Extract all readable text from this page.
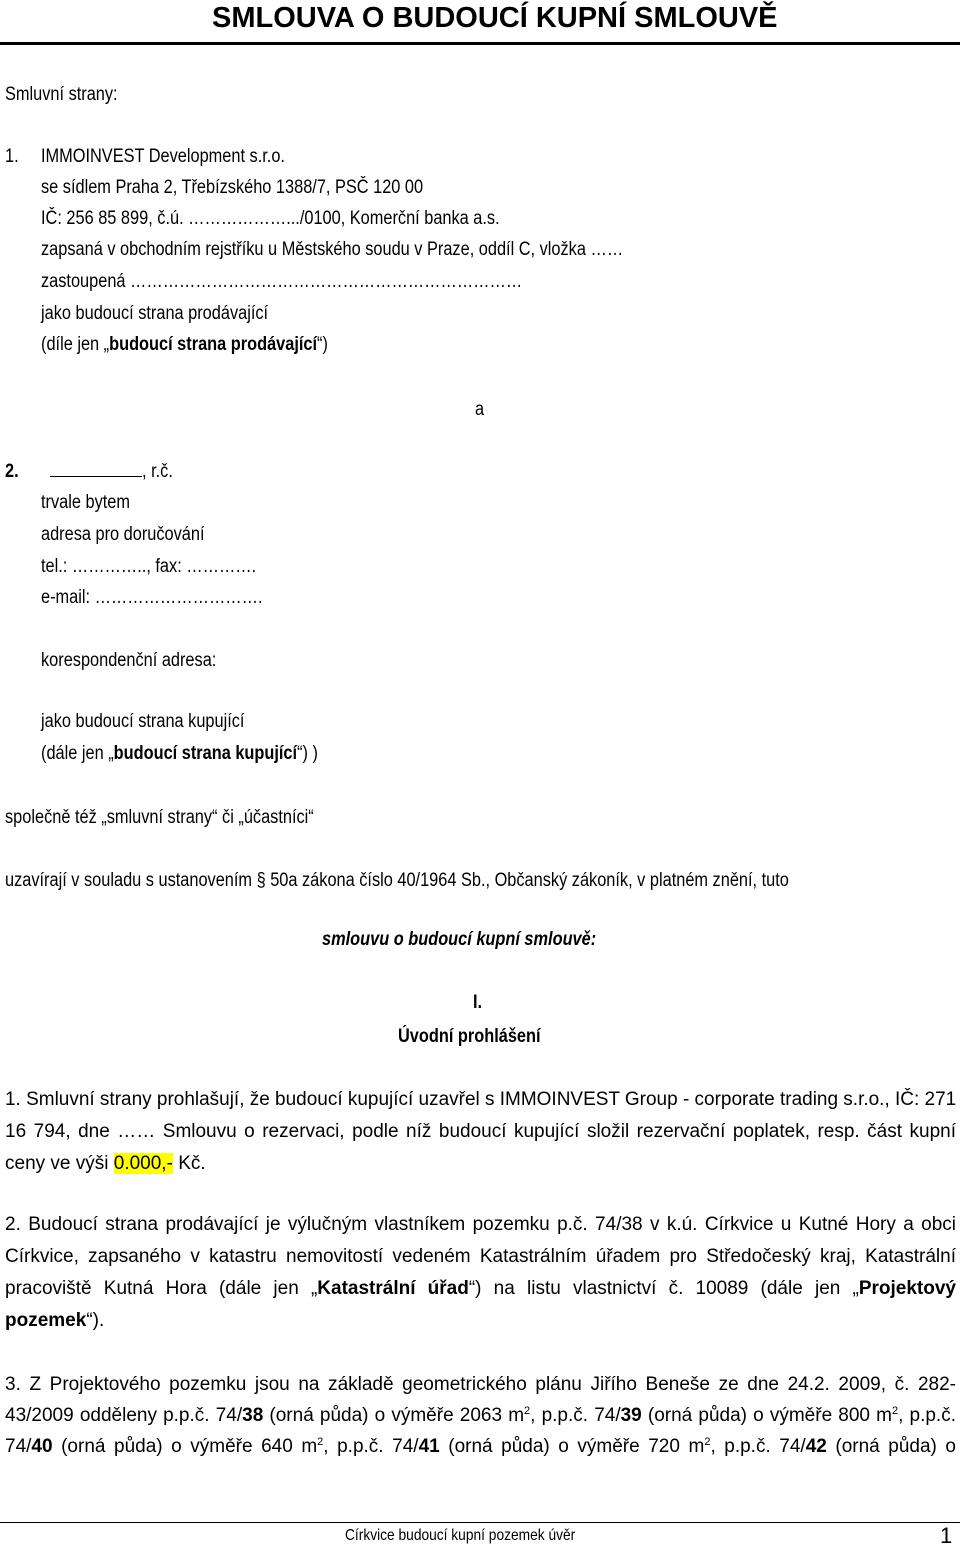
SMLOUVA O BUDOUCÍ KUPNÍ SMLOUVĚ
Smluvní strany:
1. IMMOINVEST Development s.r.o.
se sídlem Praha 2, Třebízského 1388/7, PSČ 120 00
IČ: 256 85 899, č.ú. ……………….../0100, Komerční banka a.s.
zapsaná v obchodním rejstříku u Městského soudu v Praze, oddíl C, vložka ……
zastoupená ………………………………………………………………
jako budoucí strana prodávající
(díle jen „budoucí strana prodávající“)
a
2.	, r.č.
trvale bytem
adresa pro doručování
tel.: ………….., fax: ………….
e-mail: ………………………….
korespondenční adresa:
jako budoucí strana kupující
(dále jen „budoucí strana kupující“) )
společně též „smluvní strany“ či „účastníci“
uzavírají v souladu s ustanovením § 50a zákona číslo 40/1964 Sb., Občanský zákoník, v platném znění, tuto
smlouvu o budoucí kupní smlouvě:
I.
Úvodní prohlášení
1. Smluvní strany prohlašují, že budoucí kupující uzavřel s IMMOINVEST Group - corporate trading s.r.o., IČ: 271
16 794, dne …… Smlouvu o rezervaci, podle níž budoucí kupující složil rezervační poplatek, resp. část kupní
ceny ve výši 0.000,- Kč.
2. Budoucí strana prodávající je výlučným vlastníkem pozemku p.č. 74/38 v k.ú. Církvice u Kutné Hory a obci
Církvice, zapsaného v katastru nemovitostí vedeném Katastrálním úřadem pro Středočeský kraj, Katastrální
pracoviště Kutná Hora (dále jen „Katastrální úřad“) na listu vlastnictví č. 10089 (dále jen „Projektový
pozemek“).
3. Z Projektového pozemku jsou na základě geometrického plánu Jiřího Beneše ze dne 24.2. 2009, č. 282-
43/2009 odděleny p.p.č. 74/38 (orná půda) o výměře 2063 $m^2$, p.p.č. 74/39 (orná půda) o výměře 800 $m^2$, p.p.č.
74/40 (orná půda) o výměře 640 $m^2$, p.p.č. 74/41 (orná půda) o výměře 720 $m^2$, p.p.č. 74/42 (orná půda) o
Církvice budoucí kupní pozemek úvěr	1
